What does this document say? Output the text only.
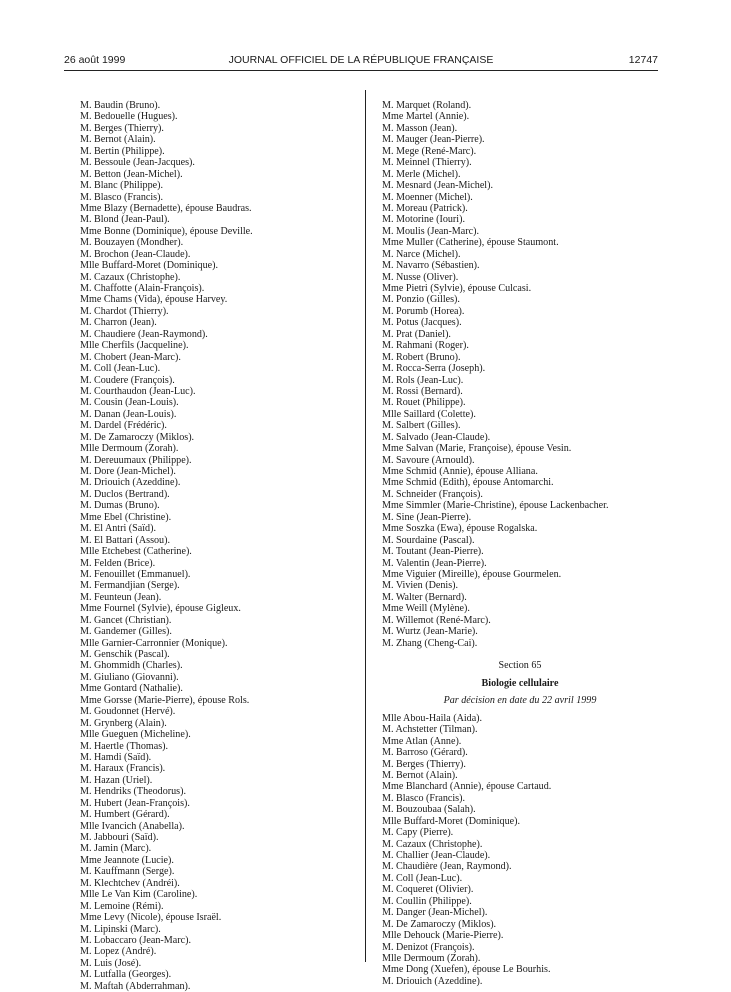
26 août 1999	JOURNAL OFFICIEL DE LA RÉPUBLIQUE FRANÇAISE	12747
M. Baudin (Bruno).
M. Bedouelle (Hugues).
M. Berges (Thierry).
M. Bernot (Alain).
M. Bertin (Philippe).
M. Bessoule (Jean-Jacques).
M. Betton (Jean-Michel).
M. Blanc (Philippe).
M. Blasco (Francis).
Mme Blazy (Bernadette), épouse Baudras.
M. Blond (Jean-Paul).
Mme Bonne (Dominique), épouse Deville.
M. Bouzayen (Mondher).
M. Brochon (Jean-Claude).
Mlle Buffard-Moret (Dominique).
M. Cazaux (Christophe).
M. Chaffotte (Alain-François).
Mme Chams (Vida), épouse Harvey.
M. Chardot (Thierry).
M. Charron (Jean).
M. Chaudiere (Jean-Raymond).
Mlle Cherfils (Jacqueline).
M. Chobert (Jean-Marc).
M. Coll (Jean-Luc).
M. Coudere (François).
M. Courthaudon (Jean-Luc).
M. Cousin (Jean-Louis).
M. Danan (Jean-Louis).
M. Dardel (Frédéric).
M. De Zamaroczy (Miklos).
Mlle Dermoum (Zorah).
M. Dereuumaux (Philippe).
M. Dore (Jean-Michel).
M. Driouich (Azeddine).
M. Duclos (Bertrand).
M. Dumas (Bruno).
Mme Ebel (Christine).
M. El Antri (Saïd).
M. El Battari (Assou).
Mlle Etchebest (Catherine).
M. Felden (Brice).
M. Fenouillet (Emmanuel).
M. Fermandjian (Serge).
M. Feunteun (Jean).
Mme Fournel (Sylvie), épouse Gigleux.
M. Gancet (Christian).
M. Gandemer (Gilles).
Mlle Garnier-Carronnier (Monique).
M. Genschik (Pascal).
M. Ghommidh (Charles).
M. Giuliano (Giovanni).
Mme Gontard (Nathalie).
Mme Gorsse (Marie-Pierre), épouse Rols.
M. Goudonnet (Hervé).
M. Grynberg (Alain).
Mlle Gueguen (Micheline).
M. Haertle (Thomas).
M. Hamdi (Saïd).
M. Haraux (Francis).
M. Hazan (Uriel).
M. Hendriks (Theodorus).
M. Hubert (Jean-François).
M. Humbert (Gérard).
Mlle Ivancich (Anabella).
M. Jabbouri (Saïd).
M. Jamin (Marc).
Mme Jeannote (Lucie).
M. Kauffmann (Serge).
M. Klechtchev (Andréi).
Mlle Le Van Kim (Caroline).
M. Lemoine (Rémi).
Mme Levy (Nicole), épouse Israël.
M. Lipinski (Marc).
M. Lobaccaro (Jean-Marc).
M. Lopez (André).
M. Luis (José).
M. Lutfalla (Georges).
M. Maftah (Abderrahman).
M. Marquet (Roland).
Mme Martel (Annie).
M. Masson (Jean).
M. Mauger (Jean-Pierre).
M. Mege (René-Marc).
M. Meinnel (Thierry).
M. Merle (Michel).
M. Mesnard (Jean-Michel).
M. Moenner (Michel).
M. Moreau (Patrick).
M. Motorine (Iouri).
M. Moulis (Jean-Marc).
Mme Muller (Catherine), épouse Staumont.
M. Narce (Michel).
M. Navarro (Sébastien).
M. Nusse (Oliver).
Mme Pietri (Sylvie), épouse Culcasi.
M. Ponzio (Gilles).
M. Porumb (Horea).
M. Potus (Jacques).
M. Prat (Daniel).
M. Rahmani (Roger).
M. Robert (Bruno).
M. Rocca-Serra (Joseph).
M. Rols (Jean-Luc).
M. Rossi (Bernard).
M. Rouet (Philippe).
Mlle Saillard (Colette).
M. Salbert (Gilles).
M. Salvado (Jean-Claude).
Mme Salvan (Marie, Françoise), épouse Vesin.
M. Savoure (Arnould).
Mme Schmid (Annie), épouse Alliana.
Mme Schmid (Edith), épouse Antomarchi.
M. Schneider (François).
Mme Simmler (Marie-Christine), épouse Lackenbacher.
M. Sine (Jean-Pierre).
Mme Soszka (Ewa), épouse Rogalska.
M. Sourdaine (Pascal).
M. Toutant (Jean-Pierre).
M. Valentin (Jean-Pierre).
Mme Viguier (Mireille), épouse Gourmelen.
M. Vivien (Denis).
M. Walter (Bernard).
Mme Weill (Mylène).
M. Willemot (René-Marc).
M. Wurtz (Jean-Marie).
M. Zhang (Cheng-Cai).
Section 65
Biologie cellulaire
Par décision en date du 22 avril 1999
Mlle Abou-Haila (Aida).
M. Achstetter (Tilman).
Mme Atlan (Anne).
M. Barroso (Gérard).
M. Berges (Thierry).
M. Bernot (Alain).
Mme Blanchard (Annie), épouse Cartaud.
M. Blasco (Francis).
M. Bouzoubaa (Salah).
Mlle Buffard-Moret (Dominique).
M. Capy (Pierre).
M. Cazaux (Christophe).
M. Challier (Jean-Claude).
M. Chaudière (Jean, Raymond).
M. Coll (Jean-Luc).
M. Coqueret (Olivier).
M. Coullin (Philippe).
M. Danger (Jean-Michel).
M. De Zamaroczy (Miklos).
Mlle Dehouck (Marie-Pierre).
M. Denizot (François).
Mlle Dermoum (Zorah).
Mme Dong (Xuefen), épouse Le Bourhis.
M. Driouich (Azeddine).
